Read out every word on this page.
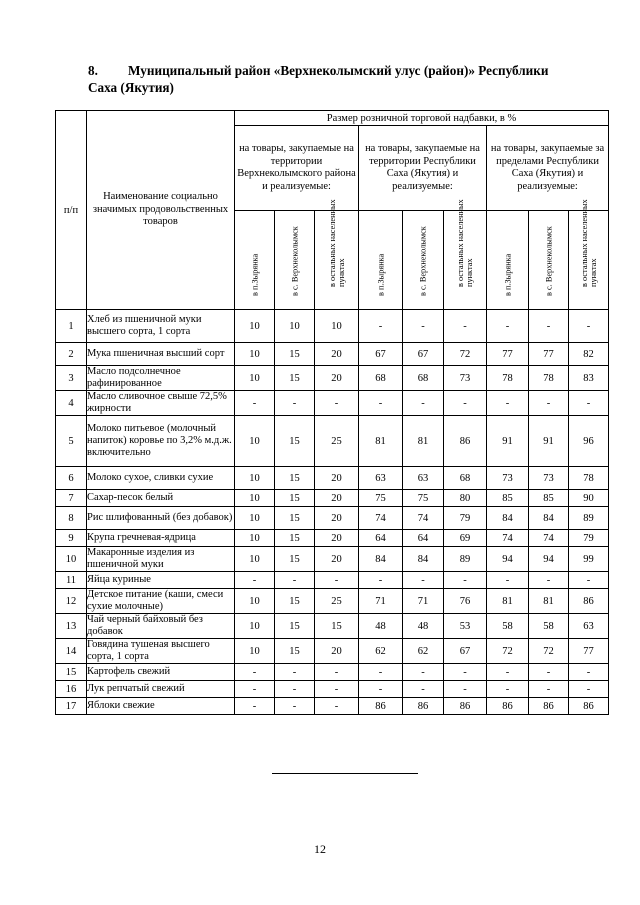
8. Муниципальный район «Верхнеколымский улус (район)» Республики
Саха (Якутия)
п/п	Наименование социально значимых продовольственных товаров	Размер розничной торговой надбавки, в %								
		на товары, закупаемые на территории Верхнеколымского района и реализуемые:			на товары, закупаемые на территории Республики Саха (Якутия) и реализуемые:			на товары, закупаемые за пределами Республики Саха (Якутия) и реализуемые:		

		в п.Зырянка	в с. Верхнеколымск	в остальных населенных пунктах	в п.Зырянка	в с. Верхнеколымск	в остальных населенных пунктах	в п.Зырянка	в с. Верхнеколымск	в остальных населенных пунктах

1	Хлеб из пшеничной муки высшего сорта, 1 сорта	10	10	10	-	-	-	-	-	-
2	Мука пшеничная высший сорт	10	15	20	67	67	72	77	77	82
3	Масло подсолнечное рафинированное	10	15	20	68	68	73	78	78	83
4	Масло сливочное свыше 72,5% жирности	-	-	-	-	-	-	-	-	-
5	Молоко питьевое (молочный напиток) коровье по 3,2% м.д.ж. включительно	10	15	25	81	81	86	91	91	96
6	Молоко сухое, сливки сухие	10	15	20	63	63	68	73	73	78
7	Сахар-песок белый	10	15	20	75	75	80	85	85	90
8	Рис шлифованный (без добавок)	10	15	20	74	74	79	84	84	89
9	Крупа гречневая-ядрица	10	15	20	64	64	69	74	74	79
10	Макаронные изделия из пшеничной муки	10	15	20	84	84	89	94	94	99
11	Яйца куриные	-	-	-	-	-	-	-	-	-
12	Детское питание (каши, смеси сухие молочные)	10	15	25	71	71	76	81	81	86
13	Чай черный байховый без добавок	10	15	15	48	48	53	58	58	63
14	Говядина тушеная высшего сорта, 1 сорта	10	15	20	62	62	67	72	72	77
15	Картофель свежий	-	-	-	-	-	-	-	-	-
16	Лук репчатый свежий	-	-	-	-	-	-	-	-	-
17	Яблоки свежие	-	-	-	86	86	86	86	86	86
12
